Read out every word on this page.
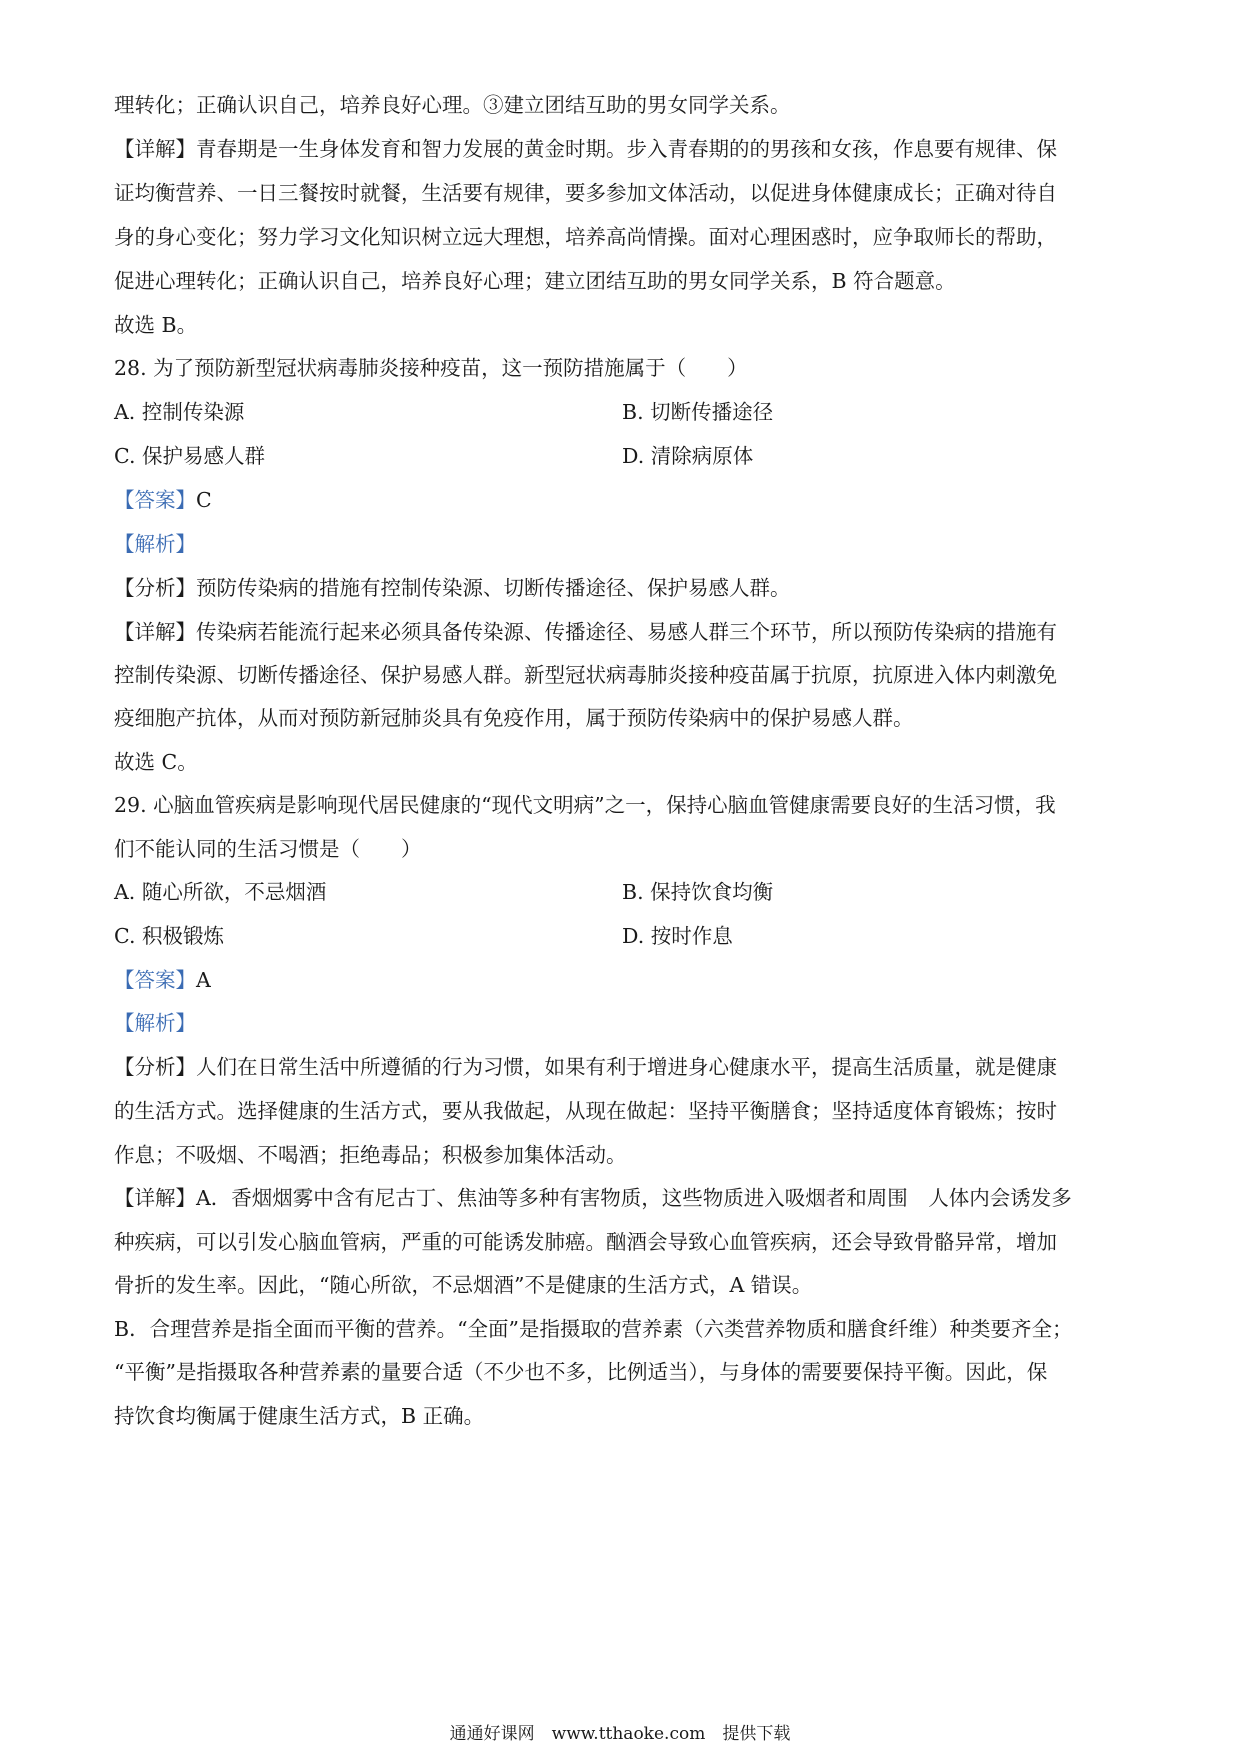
理转化；正确认识自己，培养良好心理。③建立团结互助的男女同学关系。
【详解】青春期是一生身体发育和智力发展的黄金时期。步入青春期的的男孩和女孩，作息要有规律、保
证均衡营养、一日三餐按时就餐，生活要有规律，要多参加文体活动，以促进身体健康成长；正确对待自
身的身心变化；努力学习文化知识树立远大理想，培养高尚情操。面对心理困惑时，应争取师长的帮助，
促进心理转化；正确认识自己，培养良好心理；建立团结互助的男女同学关系，B 符合题意。
故选 B。
28. 为了预防新型冠状病毒肺炎接种疫苗，这一预防措施属于（　　）
A. 控制传染源	B. 切断传播途径
C. 保护易感人群	D. 清除病原体
【答案】C
【解析】
【分析】预防传染病的措施有控制传染源、切断传播途径、保护易感人群。
【详解】传染病若能流行起来必须具备传染源、传播途径、易感人群三个环节，所以预防传染病的措施有
控制传染源、切断传播途径、保护易感人群。新型冠状病毒肺炎接种疫苗属于抗原，抗原进入体内刺激免
疫细胞产抗体，从而对预防新冠肺炎具有免疫作用，属于预防传染病中的保护易感人群。
故选 C。
29. 心脑血管疾病是影响现代居民健康的“现代文明病”之一，保持心脑血管健康需要良好的生活习惯，我
们不能认同的生活习惯是（　　）
A. 随心所欲，不忌烟酒	B. 保持饮食均衡
C. 积极锻炼	D. 按时作息
【答案】A
【解析】
【分析】人们在日常生活中所遵循的行为习惯，如果有利于增进身心健康水平，提高生活质量，就是健康
的生活方式。选择健康的生活方式，要从我做起，从现在做起：坚持平衡膳食；坚持适度体育锻炼；按时
作息；不吸烟、不喝酒；拒绝毒品；积极参加集体活动。
【详解】A．香烟烟雾中含有尼古丁、焦油等多种有害物质，这些物质进入吸烟者和周围　人体内会诱发多
种疾病，可以引发心脑血管病，严重的可能诱发肺癌。酗酒会导致心血管疾病，还会导致骨骼异常，增加
骨折的发生率。因此，“随心所欲，不忌烟酒”不是健康的生活方式，A 错误。
B．合理营养是指全面而平衡的营养。“全面”是指摄取的营养素（六类营养物质和膳食纤维）种类要齐全；
“平衡”是指摄取各种营养素的量要合适（不少也不多，比例适当），与身体的需要要保持平衡。因此，保
持饮食均衡属于健康生活方式，B 正确。
通通好课网　www.tthaoke.com　提供下载
